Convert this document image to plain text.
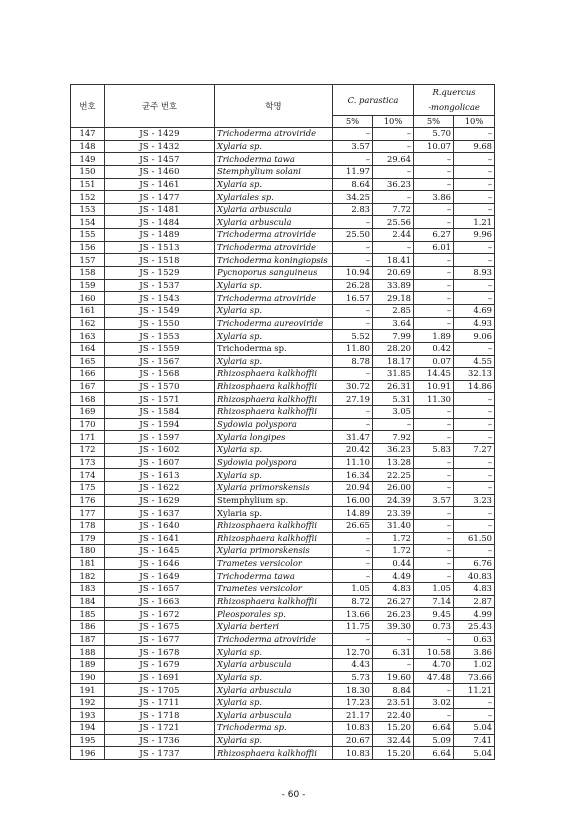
번호	균주 번호	학명	C. parastica		R.quercus
-mongolicae	

			5%	10%	5%	10%
147	JS - 1429	Trichoderma atroviride	–	–	5.70	–
148	JS - 1432	Xylaria sp.	3.57	–	10.07	9.68
149	JS - 1457	Trichoderma tawa	–	29.64	–	–
150	JS - 1460	Stemphylium solani	11.97	–	–	–
151	JS - 1461	Xylaria sp.	8.64	36.23	–	–
152	JS - 1477	Xylariales sp.	34.25	–	3.86	–
153	JS - 1481	Xylaria arbuscula	2.83	7.72	–	–
154	JS - 1484	Xylaria arbuscula	–	25.56	–	1.21
155	JS - 1489	Trichoderma atroviride	25.50	2.44	6.27	9.96
156	JS - 1513	Trichoderma atroviride	–	–	6.01	–
157	JS - 1518	Trichoderma koningiopsis	–	18.41	–	–
158	JS - 1529	Pycnoporus sanguineus	10.94	20.69	–	8.93
159	JS - 1537	Xylaria sp.	26.28	33.89	–	–
160	JS - 1543	Trichoderma atroviride	16.57	29.18	–	–
161	JS - 1549	Xylaria sp.	–	2.85	–	4.69
162	JS - 1550	Trichoderma aureoviride	–	3.64	–	4.93
163	JS - 1553	Xylaria sp.	5.52	7.99	1.89	9.06
164	JS - 1559	Trichoderma sp.	11.80	28.20	0.42	–
165	JS - 1567	Xylaria sp.	8.78	18.17	0.07	4.55
166	JS - 1568	Rhizosphaera kalkhoffii	–	31.85	14.45	32.13
167	JS - 1570	Rhizosphaera kalkhoffii	30.72	26.31	10.91	14.86
168	JS - 1571	Rhizosphaera kalkhoffii	27.19	5.31	11.30	–
169	JS - 1584	Rhizosphaera kalkhoffii	–	3.05	–	–
170	JS - 1594	Sydowia polyspora	–	–	–	–
171	JS - 1597	Xylaria longipes	31.47	7.92	–	–
172	JS - 1602	Xylaria sp.	20.42	36.23	5.83	7.27
173	JS - 1607	Sydowia polyspora	11.10	13.28	–	–
174	JS - 1613	Xylaria sp.	16.34	22.25	–	–
175	JS - 1622	Xylaria primorskensis	20.94	26.00	–	–
176	JS - 1629	Stemphylium sp.	16.00	24.39	3.57	3.23
177	JS - 1637	Xylaria sp.	14.89	23.39	–	–
178	JS - 1640	Rhizosphaera kalkhoffii	26.65	31.40	–	–
179	JS - 1641	Rhizosphaera kalkhoffii	–	1.72	–	61.50
180	JS - 1645	Xylaria primorskensis	–	1.72	–	–
181	JS - 1646	Trametes versicolor	–	0.44	–	6.76
182	JS - 1649	Trichoderma tawa	–	4.49	–	40.83
183	JS - 1657	Trametes versicolor	1.05	4.83	1.05	4.83
184	JS - 1663	Rhizosphaera kalkhoffii	8.72	26.27	7.14	2.87
185	JS - 1672	Pleosporales sp.	13.66	26.23	9.45	4.99
186	JS - 1675	Xylaria berteri	11.75	39.30	0.73	25.43
187	JS - 1677	Trichoderma atroviride	–	–	–	0.63
188	JS - 1678	Xylaria sp.	12.70	6.31	10.58	3.86
189	JS - 1679	Xylaria arbuscula	4.43	–	4.70	1.02
190	JS - 1691	Xylaria sp.	5.73	19.60	47.48	73.66
191	JS - 1705	Xylaria arbuscula	18.30	8.84	–	11.21
192	JS - 1711	Xylaria sp.	17.23	23.51	3.02	–
193	JS - 1718	Xylaria arbuscula	21.17	22.40	–	–
194	JS - 1721	Trichoderma sp.	10.83	15.20	6.64	5.04
195	JS - 1736	Xylaria sp.	20.67	32.44	5.09	7.41
196	JS - 1737	Rhizosphaera kalkhoffii	10.83	15.20	6.64	5.04
- 60 -
